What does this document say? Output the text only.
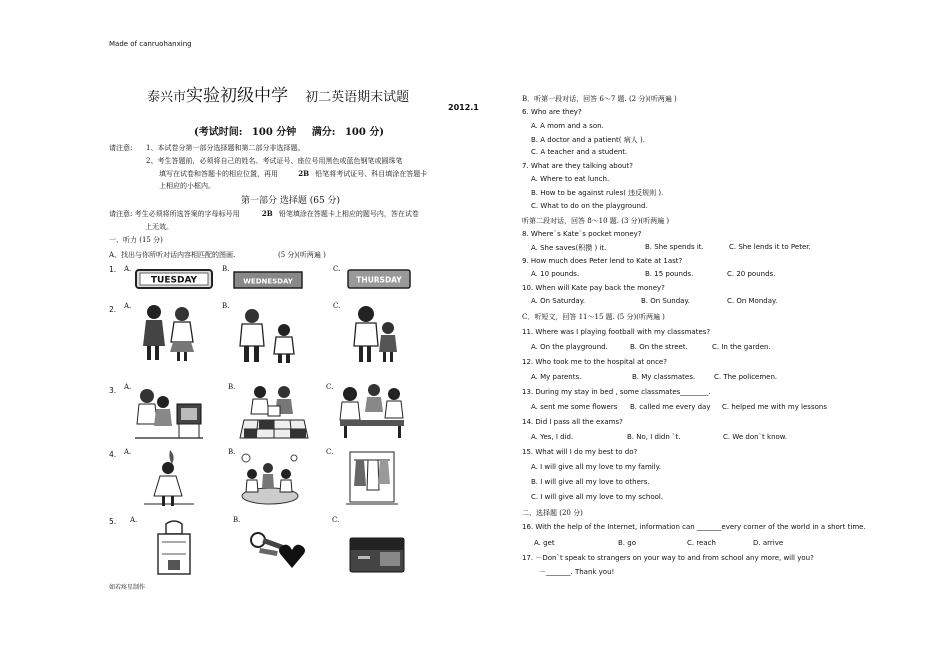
Made of canruohanxing
泰兴市实验初级中学 初二英语期末试题
2012.1
(考试时间: 100 分钟 满分: 100 分)
请注意: 1、本试卷分第一部分选择题和第二部分非选择题。
2、考生答题前，必须将自己的姓名、考试证号、座位号用黑色或蓝色钢笔或圆珠笔
填写在试卷和答题卡的相应位置，再用	2B 铅笔将考试证号、科目填涂在答题卡
上相应的小框内。
第一部分 选择题 (65 分)
请注意: 考生必须将所选答案的字母标号用	2B 铅笔填涂在答题卡上相应的题号内，答在试卷
上无效。
一、听力 (15 分)
A、找出与你所听对话内容相匹配的图画.	(5 分)(听两遍 )
1. A.	B.	C.
TUESDAY	WEDNESDAY	THURSDAY
2. A.	B.	C.
3. A.	B.	C.
4. A.	B.	C.
5. A.	B.	C.
如若疼星制作
B．听第一段对话，回答 6～7 题. (2 分)(听两遍 )
6. Who are they?
A. A mom and a son.
B. A doctor and a patient( 病人 ).
C. A teacher and a student.
7. What are they talking about?
A. Where to eat lunch.
B. How to be against rules( 违反规则 ).
C. What to do on the playground.
听第二段对话，回答 8～10 题. (3 分)(听两遍 )
8. Where`s Kate`s pocket money?
A. She saves(积攒 ) it.	B. She spends it.	C. She lends it to Peter.
9. How much does Peter lend to Kate at 1ast?
A. 10 pounds.	B. 15 pounds.	C. 20 pounds.
10. When will Kate pay back the money?
A. On Saturday.	B. On Sunday.	C. On Monday.
C．听短文，回答 11～15 题. (5 分)(听两遍 )
11. Where was I playing football with my classmates?
A. On the playground.	B. On the street.	C. In the garden.
12. Who took me to the hospital at once?
A. My parents.	B. My classmates.	C. The policemen.
13. During my stay in bed , some classmates________.
A. sent me some flowers B. called me every day C. helped me with my lessons
14. Did I pass all the exams?
A. Yes, I did.	B. No, I didn `t.	C. We don`t know.
15. What will I do my best to do?
A. I will give all my love to my family.
B. I will give all my love to others.
C. I will give all my love to my school.
二、选择题 (20 分)
16. With the help of the Internet, information can _______every corner of the world in a short time.
A. get	B. go	C. reach	D. arrive
17. －Don`t speak to strangers on your way to and from school any more, will you?
－_______. Thank you!
